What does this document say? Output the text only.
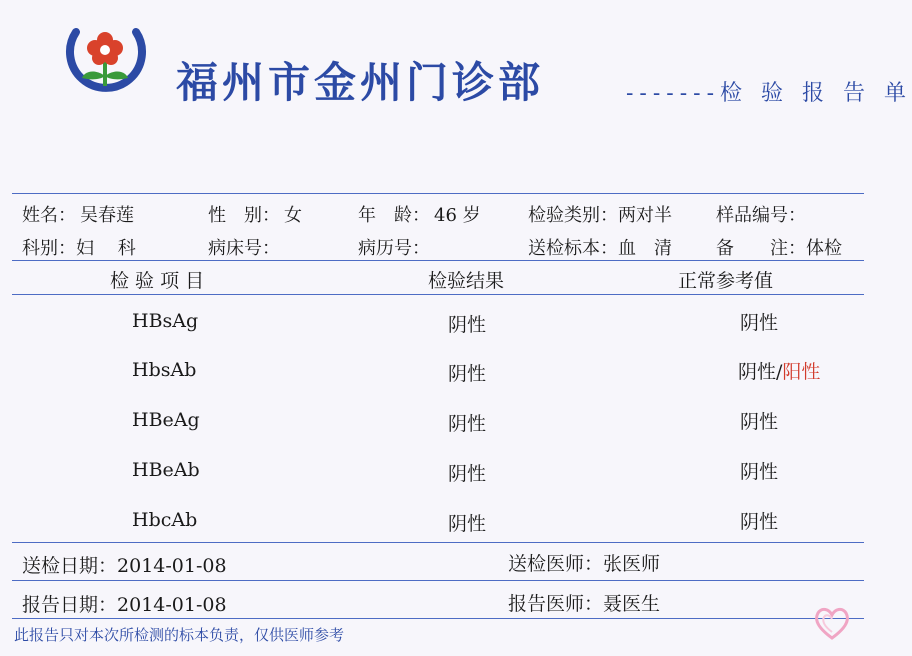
福州市金州门诊部	-------检 验 报 告 单
姓名： 吴春莲	性　别： 女	年　龄： 46 岁	检验类别：两对半 样品编号：
科别：妇　 科	病床号：	病历号：	送检标本：血　清 备　　注：体检
检 验 项 目	检验结果	正常参考值
HBsAg	阴性	阴性
HbsAb	阴性	阴性/阳性
HBeAg	阴性	阴性
HBeAb	阴性	阴性
HbcAb	阴性	阴性
送检日期：2014-01-08	送检医师：张医师
报告日期：2014-01-08	报告医师：聂医生
此报告只对本次所检测的标本负责，仅供医师参考
